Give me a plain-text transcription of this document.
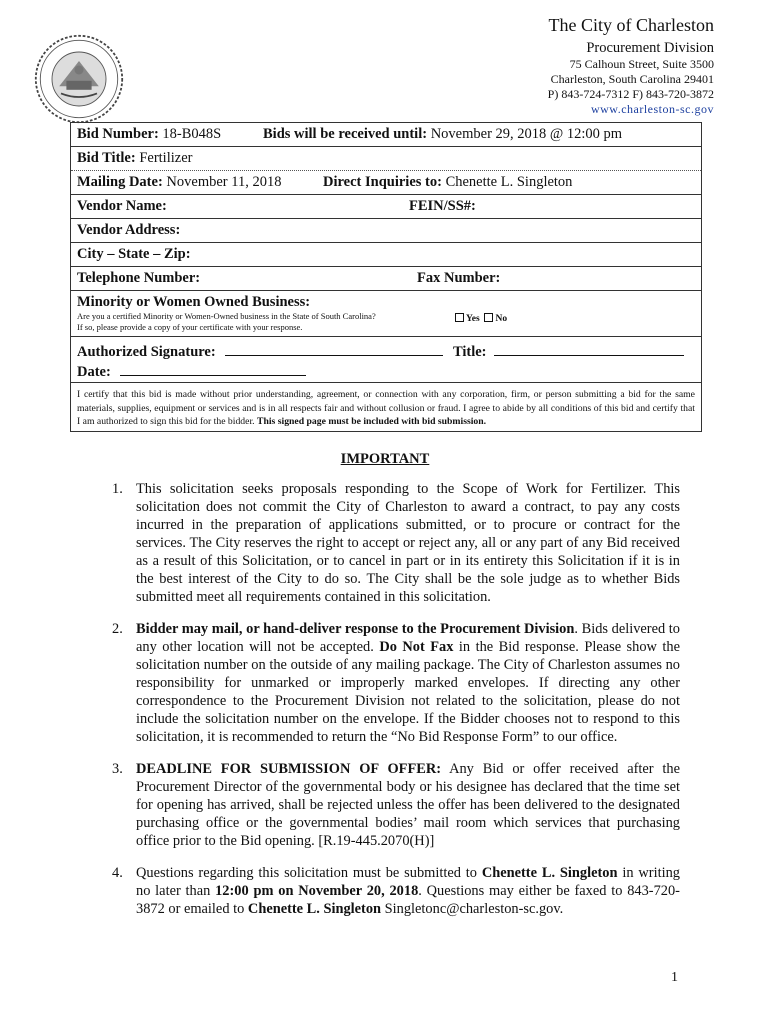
The City of Charleston
Procurement Division
75 Calhoun Street, Suite 3500
Charleston, South Carolina 29401
P) 843-724-7312 F) 843-720-3872
www.charleston-sc.gov
Bid Number: 18-B048S	Bids will be received until: November 29, 2018 @ 12:00 pm
Bid Title: Fertilizer
Mailing Date: November 11, 2018	Direct Inquiries to: Chenette L. Singleton
Vendor Name:	FEIN/SS#:
Vendor Address:
City – State – Zip:
Telephone Number:	Fax Number:
Minority or Women Owned Business:
Are you a certified Minority or Women-Owned business in the State of South Carolina?
If so, please provide a copy of your certificate with your response.
Yes No
Authorized Signature:	Title:
Date:
I certify that this bid is made without prior understanding, agreement, or connection with any corporation, firm, or person submitting a bid for the same materials, supplies, equipment or services and is in all respects fair and without collusion or fraud. I agree to abide by all conditions of this bid and certify that I am authorized to sign this bid for the bidder. This signed page must be included with bid submission.
IMPORTANT
1. This solicitation seeks proposals responding to the Scope of Work for Fertilizer. This solicitation does not commit the City of Charleston to award a contract, to pay any costs incurred in the preparation of applications submitted, or to procure or contract for the services. The City reserves the right to accept or reject any, all or any part of any Bid received as a result of this Solicitation, or to cancel in part or in its entirety this Solicitation if it is in the best interest of the City to do so. The City shall be the sole judge as to whether Bids submitted meet all requirements contained in this solicitation.
2. Bidder may mail, or hand-deliver response to the Procurement Division. Bids delivered to any other location will not be accepted. Do Not Fax in the Bid response. Please show the solicitation number on the outside of any mailing package. The City of Charleston assumes no responsibility for unmarked or improperly marked envelopes. If directing any other correspondence to the Procurement Division not related to the solicitation, please do not include the solicitation number on the envelope. If the Bidder chooses not to respond to this solicitation, it is recommended to return the “No Bid Response Form” to our office.
3. DEADLINE FOR SUBMISSION OF OFFER: Any Bid or offer received after the Procurement Director of the governmental body or his designee has declared that the time set for opening has arrived, shall be rejected unless the offer has been delivered to the designated purchasing office or the governmental bodies’ mail room which services that purchasing office prior to the Bid opening. [R.19-445.2070(H)]
4. Questions regarding this solicitation must be submitted to Chenette L. Singleton in writing no later than 12:00 pm on November 20, 2018. Questions may either be faxed to 843-720-3872 or emailed to Chenette L. Singleton Singletonc@charleston-sc.gov.
1
